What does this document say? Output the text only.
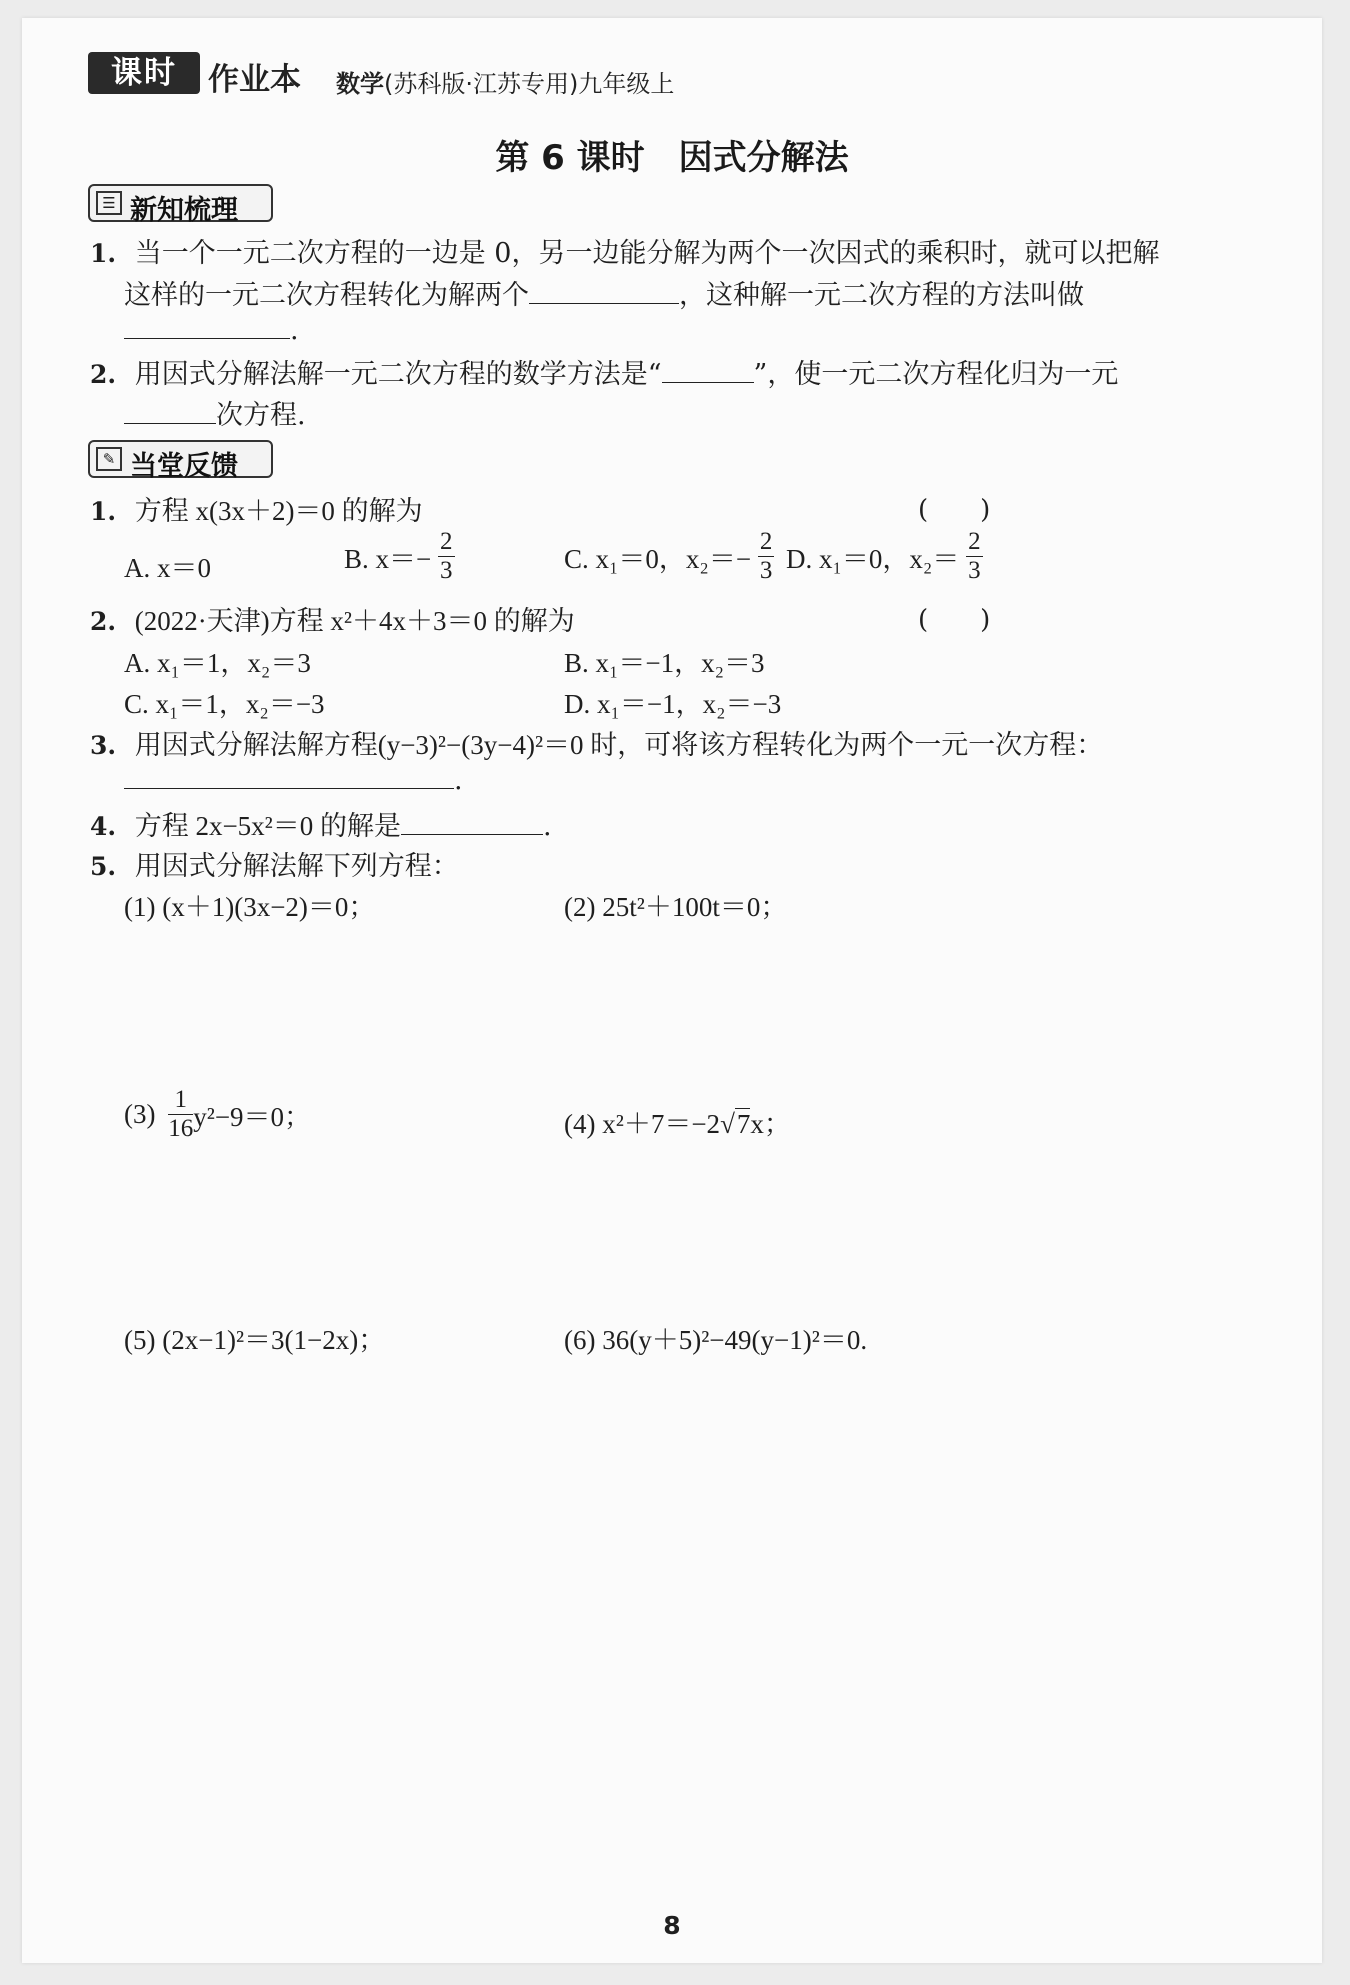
课时	作业本 数学(苏科版·江苏专用)九年级上
第 6 课时　因式分解法
☰ 新知梳理
1. 当一个一元二次方程的一边是 0，另一边能分解为两个一次因式的乘积时，就可以把解
这样的一元二次方程转化为解两个	，这种解一元二次方程的方法叫做
.
2. 用因式分解法解一元二次方程的数学方法是“	”，使一元二次方程化归为一元
次方程.
✎ 当堂反馈
1. 方程 x(3x＋2)＝0 的解为	(　　)
A. x＝0	B. $x=- \frac{2}{3}$	C. x₁＝0，$x_2=- \frac{2}{3} D$. x₁＝0，$x_2= \frac{2}{3}$
2. (2022·天津)方程 x²＋4x＋3＝0 的解为	(　　)
A. x₁＝1，x₂＝3	B. x₁＝−1，x₂＝3
C. x₁＝1，x₂＝−3	D. x₁＝−1，x₂＝−3
3. 用因式分解法解方程(y−3)²−(3y−4)²＝0 时，可将该方程转化为两个一元一次方程：
.
4. 方程 2x−5x²＝0 的解是	.
5. 用因式分解法解下列方程：
(1) (x＋1)(3x−2)＝0；	(2) 25t²＋100t＝0；
$(3) \frac{1}{16} y^2-9=0$；	(4) x²＋7＝−2√7x；
(5) (2x−1)²＝3(1−2x)；	(6) 36(y＋5)²−49(y−1)²＝0.
8
